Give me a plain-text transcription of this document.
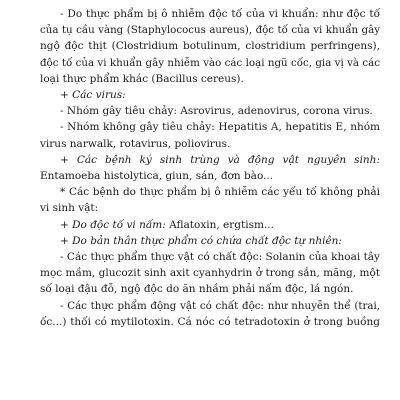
- Do thực phẩm bị ô nhiễm độc tố của vi khuẩn: như độc tố
của tụ cầu vàng (Staphylococus aureus), độc tố của vi khuẩn gây
ngộ độc thịt (Clostridium botulinum, clostridium perfringens),
độc tố của vi khuẩn gây nhiễm vào các loại ngũ cốc, gia vị và các
loại thực phẩm khác (Bacillus cereus).
+ Các virus:
- Nhóm gây tiêu chảy: Asrovirus, adenovirus, corona virus.
- Nhóm không gây tiêu chảy: Hepatitis A, hepatitis E, nhóm
virus narwalk, rotavirus, poliovirus.
+ Các bệnh ký sinh trùng và động vật nguyên sinh:
Entamoeba histolytica, giun, sán, đơn bào...
* Các bệnh do thực phẩm bị ô nhiễm các yếu tố không phải
vi sinh vật:
+ Do độc tố vi nấm: Aflatoxin, ergtism...
+ Do bản thân thực phẩm có chứa chất độc tự nhiên:
- Các thực phẩm thực vật có chất độc: Solanin của khoai tây
mọc mầm, glucozit sinh axit cyanhydrin ở trong sắn, măng, một
số loại đậu đỗ, ngộ độc do ăn nhầm phải nấm độc, lá ngón.
- Các thực phẩm động vật có chất độc: như nhuyễn thể (trai,
ốc...) thối có mytilotoxin. Cá nóc có tetradotoxin ở trong buồng
